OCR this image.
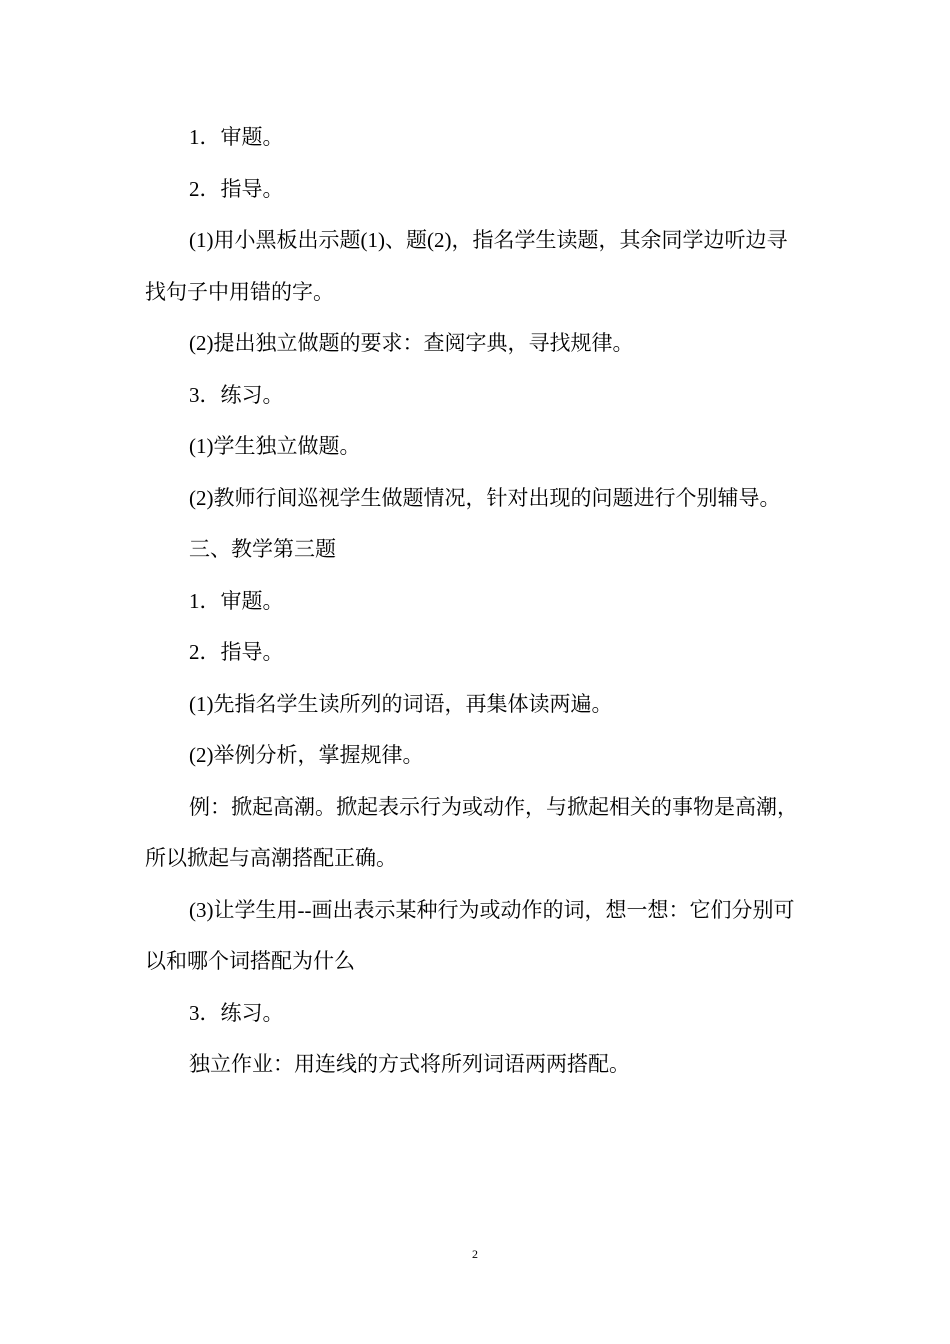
1．审题。

2．指导。

(1)用小黑板出示题(1)、题(2)，指名学生读题，其余同学边听边寻找句子中用错的字。

(2)提出独立做题的要求：查阅字典，寻找规律。

3．练习。

(1)学生独立做题。

(2)教师行间巡视学生做题情况，针对出现的问题进行个别辅导。

三、教学第三题

1．审题。

2．指导。

(1)先指名学生读所列的词语，再集体读两遍。

(2)举例分析，掌握规律。

例：掀起高潮。掀起表示行为或动作，与掀起相关的事物是高潮，所以掀起与高潮搭配正确。

(3)让学生用--画出表示某种行为或动作的词，想一想：它们分别可以和哪个词搭配为什么

3．练习。

独立作业：用连线的方式将所列词语两两搭配。

2
